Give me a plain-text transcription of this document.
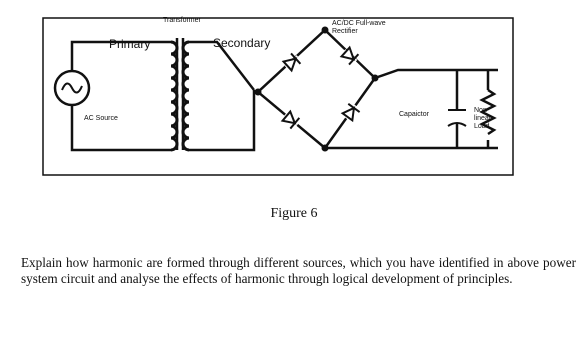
Transformer
Primary	Secondary
AC/DC Full-wave
Rectifier
AC Source
Capaictor
Non-
linear
Load
Figure 6
Explain how harmonic are formed through different sources, which you have identified in above power system circuit and analyse the effects of harmonic through logical development of principles.
